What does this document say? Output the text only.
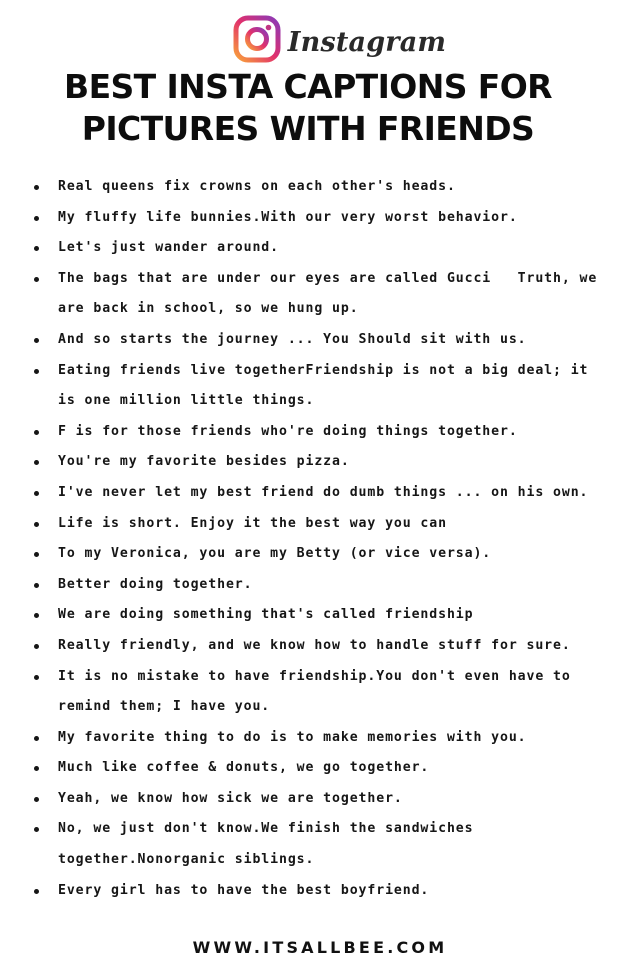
Instagram
BEST INSTA CAPTIONS FOR
PICTURES WITH FRIENDS
Real queens fix crowns on each other's heads.
My fluffy life bunnies.With our very worst behavior.
Let's just wander around.
The bags that are under our eyes are called Gucci   Truth, we are back in school, so we hung up.
And so starts the journey ... You Should sit with us.
Eating friends live togetherFriendship is not a big deal; it is one million little things.
F is for those friends who're doing things together.
You're my favorite besides pizza.
I've never let my best friend do dumb things ... on his own.
Life is short. Enjoy it the best way you can
To my Veronica, you are my Betty (or vice versa).
Better doing together.
We are doing something that's called friendship
Really friendly, and we know how to handle stuff for sure.
It is no mistake to have friendship.You don't even have to remind them; I have you.
My favorite thing to do is to make memories with you.
Much like coffee & donuts, we go together.
Yeah, we know how sick we are together.
No, we just don't know.We finish the sandwiches together.Nonorganic siblings.
Every girl has to have the best boyfriend.
WWW.ITSALLBEE.COM
